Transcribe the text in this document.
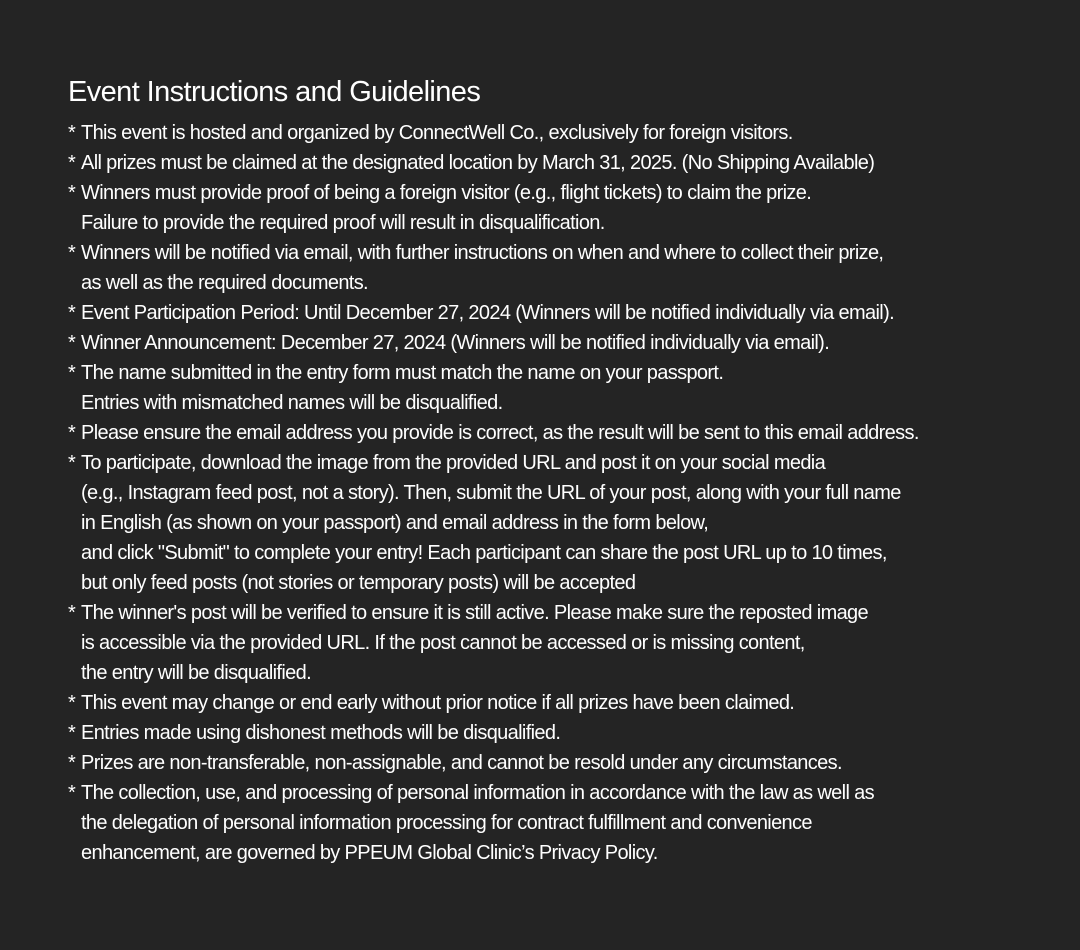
Event Instructions and Guidelines
* This event is hosted and organized by ConnectWell Co., exclusively for foreign visitors.
* All prizes must be claimed at the designated location by March 31, 2025. (No Shipping Available)
* Winners must provide proof of being a foreign visitor (e.g., flight tickets) to claim the prize.
Failure to provide the required proof will result in disqualification.
* Winners will be notified via email, with further instructions on when and where to collect their prize,
as well as the required documents.
* Event Participation Period: Until December 27, 2024 (Winners will be notified individually via email).
* Winner Announcement: December 27, 2024 (Winners will be notified individually via email).
* The name submitted in the entry form must match the name on your passport.
Entries with mismatched names will be disqualified.
* Please ensure the email address you provide is correct, as the result will be sent to this email address.
* To participate, download the image from the provided URL and post it on your social media
(e.g., Instagram feed post, not a story). Then, submit the URL of your post, along with your full name
in English (as shown on your passport) and email address in the form below,
and click "Submit" to complete your entry! Each participant can share the post URL up to 10 times,
but only feed posts (not stories or temporary posts) will be accepted
* The winner's post will be verified to ensure it is still active. Please make sure the reposted image
is accessible via the provided URL. If the post cannot be accessed or is missing content,
the entry will be disqualified.
* This event may change or end early without prior notice if all prizes have been claimed.
* Entries made using dishonest methods will be disqualified.
* Prizes are non-transferable, non-assignable, and cannot be resold under any circumstances.
* The collection, use, and processing of personal information in accordance with the law as well as
the delegation of personal information processing for contract fulfillment and convenience
enhancement, are governed by PPEUM Global Clinic’s Privacy Policy.
